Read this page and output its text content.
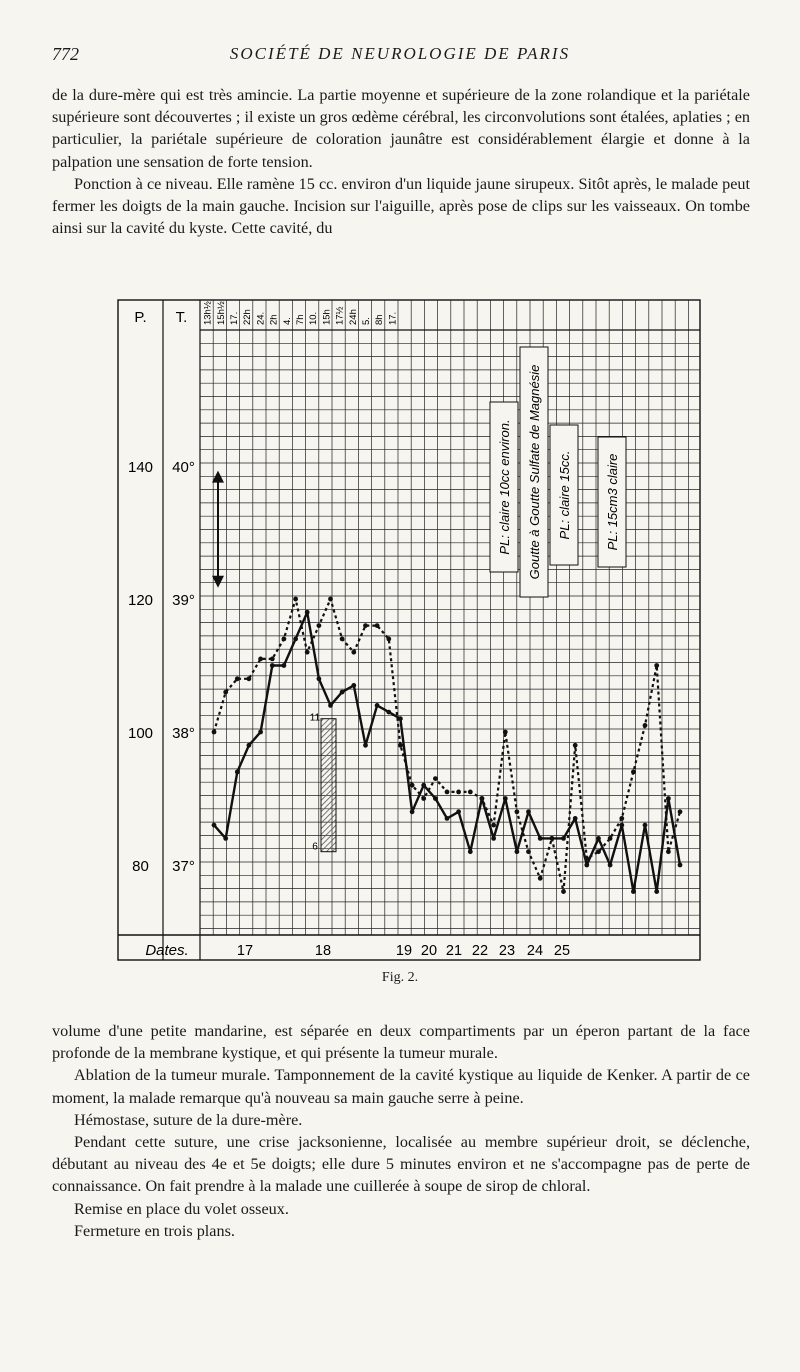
772	SOCIÉTÉ DE NEUROLOGIE DE PARIS

de la dure-mère qui est très amincie. La partie moyenne et supérieure de la zone rolandique et la pariétale supérieure sont découvertes ; il existe un gros œdème cérébral, les circonvolutions sont étalées, aplaties ; en particulier, la pariétale supérieure de coloration jaunâtre est considérablement élargie et donne à la palpation une sensation de forte tension.

Ponction à ce niveau. Elle ramène 15 cc. environ d'un liquide jaune sirupeux. Sitôt après, le malade peut fermer les doigts de la main gauche. Incision sur l'aiguille, après pose de clips sur les vaisseaux. On tombe ainsi sur la cavité du kyste. Cette cavité, du

P. T. 13h½ 15h½ 17. 22h 24. 2h 4. 7h 10. 15h 17½ 24h 5. 8h 17.
140
120
100
80
40°
39°
38°
37°
Dates.	17	18	19 20 21 22 23 24 25
11
6
PL: claire 10cc environ. Goutte à Goutte Sulfate de Magnésie PL: claire 15cc.	PL: 15cm3 claire
Fig. 2.

volume d'une petite mandarine, est séparée en deux compartiments par un éperon partant de la face profonde de la membrane kystique, et qui présente la tumeur murale.

Ablation de la tumeur murale. Tamponnement de la cavité kystique au liquide de Kenker. A partir de ce moment, la malade remarque qu'à nouveau sa main gauche serre à peine.

Hémostase, suture de la dure-mère.

Pendant cette suture, une crise jacksonienne, localisée au membre supérieur droit, se déclenche, débutant au niveau des 4e et 5e doigts; elle dure 5 minutes environ et ne s'accompagne pas de perte de connaissance. On fait prendre à la malade une cuillerée à soupe de sirop de chloral.

Remise en place du volet osseux.

Fermeture en trois plans.
